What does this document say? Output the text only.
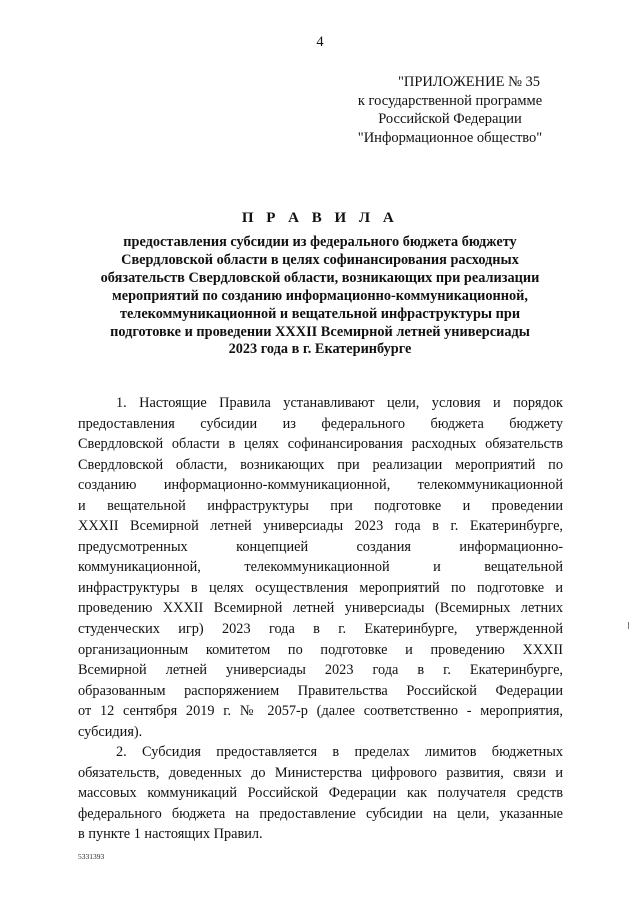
4
"ПРИЛОЖЕНИЕ № 35
к государственной программе
Российской Федерации
"Информационное общество"
П Р А В И Л А
предоставления субсидии из федерального бюджета бюджету
Свердловской области в целях софинансирования расходных
обязательств Свердловской области, возникающих при реализации
мероприятий по созданию информационно-коммуникационной,
телекоммуникационной и вещательной инфраструктуры при
подготовке и проведении XXXII Всемирной летней универсиады
2023 года в г. Екатеринбурге
1. Настоящие Правила устанавливают цели, условия и порядок
предоставления субсидии из федерального бюджета бюджету
Свердловской области в целях софинансирования расходных обязательств
Свердловской области, возникающих при реализации мероприятий по
созданию информационно-коммуникационной, телекоммуникационной
и вещательной инфраструктуры при подготовке и проведении
XXXII Всемирной летней универсиады 2023 года в г. Екатеринбурге,
предусмотренных концепцией создания информационно-
коммуникационной, телекоммуникационной и вещательной
инфраструктуры в целях осуществления мероприятий по подготовке и
проведению XXXII Всемирной летней универсиады (Всемирных летних
студенческих игр) 2023 года в г. Екатеринбурге, утвержденной
организационным комитетом по подготовке и проведению XXXII
Всемирной летней универсиады 2023 года в г. Екатеринбурге,
образованным распоряжением Правительства Российской Федерации
от 12 сентября 2019 г. № 2057-р (далее соответственно - мероприятия,
субсидия).
2. Субсидия предоставляется в пределах лимитов бюджетных
обязательств, доведенных до Министерства цифрового развития, связи и
массовых коммуникаций Российской Федерации как получателя средств
федерального бюджета на предоставление субсидии на цели, указанные
в пункте 1 настоящих Правил.
5331393
